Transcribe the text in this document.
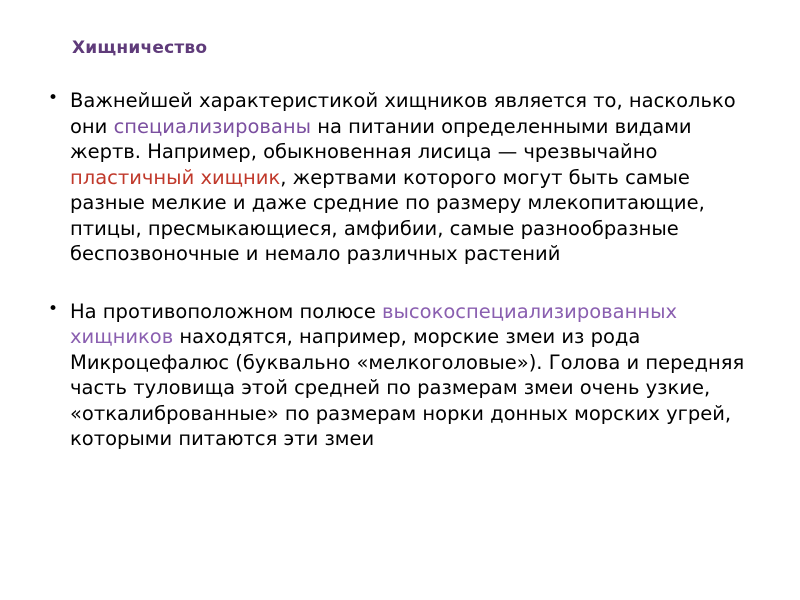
Хищничество
• Важнейшей характеристикой хищников является то, насколько они специализированы на питании определенными видами жертв. Например, обыкновенная лисица — чрезвычайно пластичный хищник, жертвами которого могут быть самые разные мелкие и даже средние по размеру млекопитающие, птицы, пресмыкающиеся, амфибии, самые разнообразные беспозвоночные и немало различных растений
• На противоположном полюсе высокоспециализированных хищников находятся, например, морские змеи из рода Микроцефалюс (буквально «мелкоголовые»). Голова и передняя часть туловища этой средней по размерам змеи очень узкие, «откалиброванные» по размерам норки донных морских угрей, которыми питаются эти змеи
